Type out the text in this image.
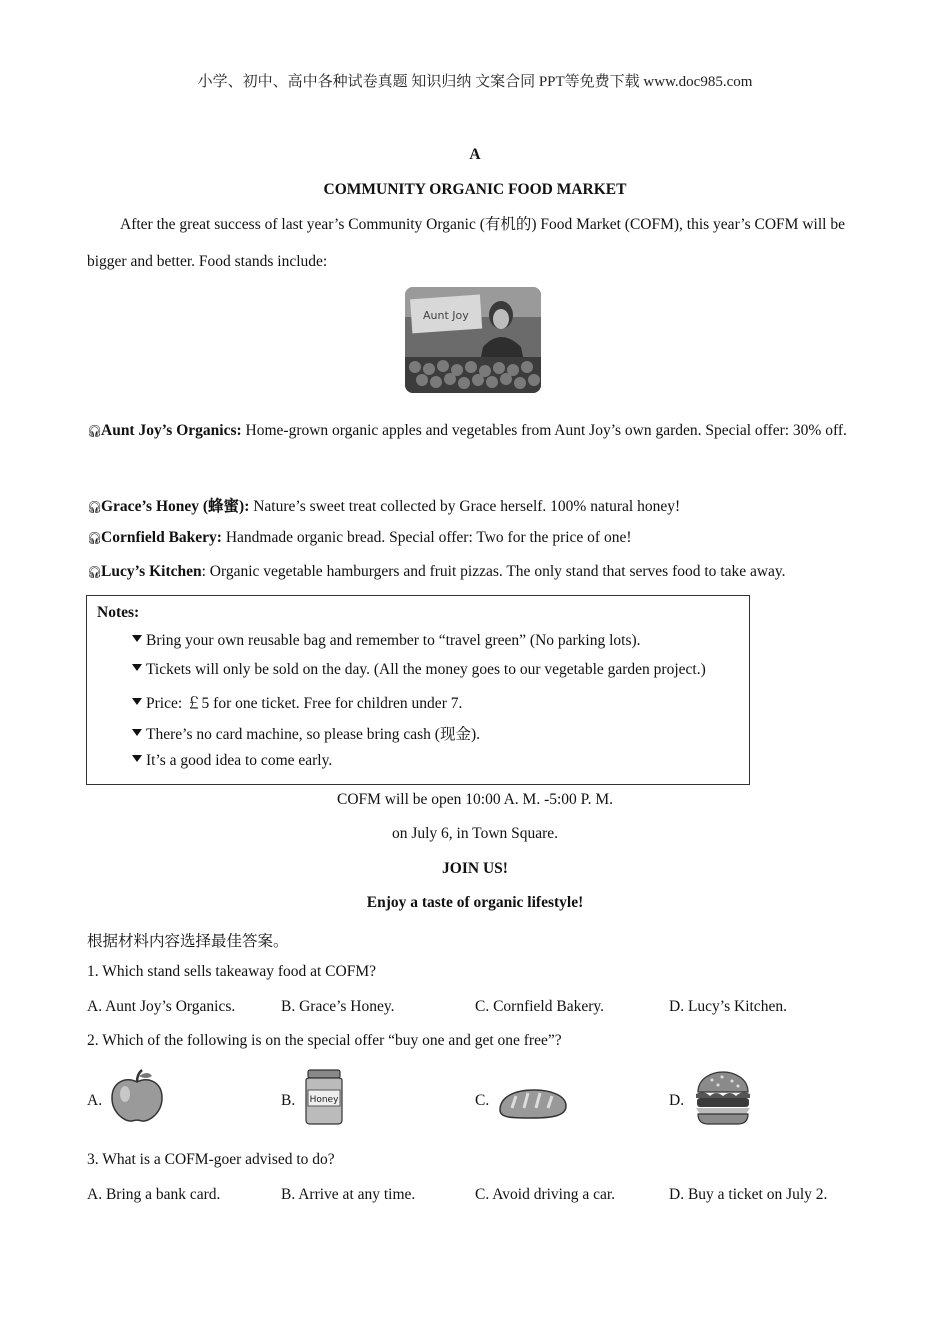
小学、初中、高中各种试卷真题 知识归纳 文案合同 PPT等免费下载 www.doc985.com
A
COMMUNITY ORGANIC FOOD MARKET
After the great success of last year’s Community Organic (有机的) Food Market (COFM), this year’s COFM will be bigger and better. Food stands include:
Aunt Joy
🎧︎Aunt Joy’s Organics: Home-grown organic apples and vegetables from Aunt Joy’s own garden. Special offer: 30% off.
🎧︎Grace’s Honey (蜂蜜): Nature’s sweet treat collected by Grace herself. 100% natural honey!
🎧︎Cornfield Bakery: Handmade organic bread. Special offer: Two for the price of one!
🎧︎Lucy’s Kitchen: Organic vegetable hamburgers and fruit pizzas. The only stand that serves food to take away.
Notes:
Bring your own reusable bag and remember to “travel green” (No parking lots).
Tickets will only be sold on the day. (All the money goes to our vegetable garden project.)
Price: ￡5 for one ticket. Free for children under 7.
There’s no card machine, so please bring cash (现金).
It’s a good idea to come early.
COFM will be open 10:00 A. M. -5:00 P. M.
on July 6, in Town Square.
JOIN US!
Enjoy a taste of organic lifestyle!
根据材料内容选择最佳答案。
1. Which stand sells takeaway food at COFM?
A. Aunt Joy’s Organics.	B. Grace’s Honey.	C. Cornfield Bakery.	D. Lucy’s Kitchen.
2. Which of the following is on the special offer “buy one and get one free”?
A.	B. Honey	C.	D.
3. What is a COFM-goer advised to do?
A. Bring a bank card.	B. Arrive at any time.	C. Avoid driving a car.	D. Buy a ticket on July 2.
